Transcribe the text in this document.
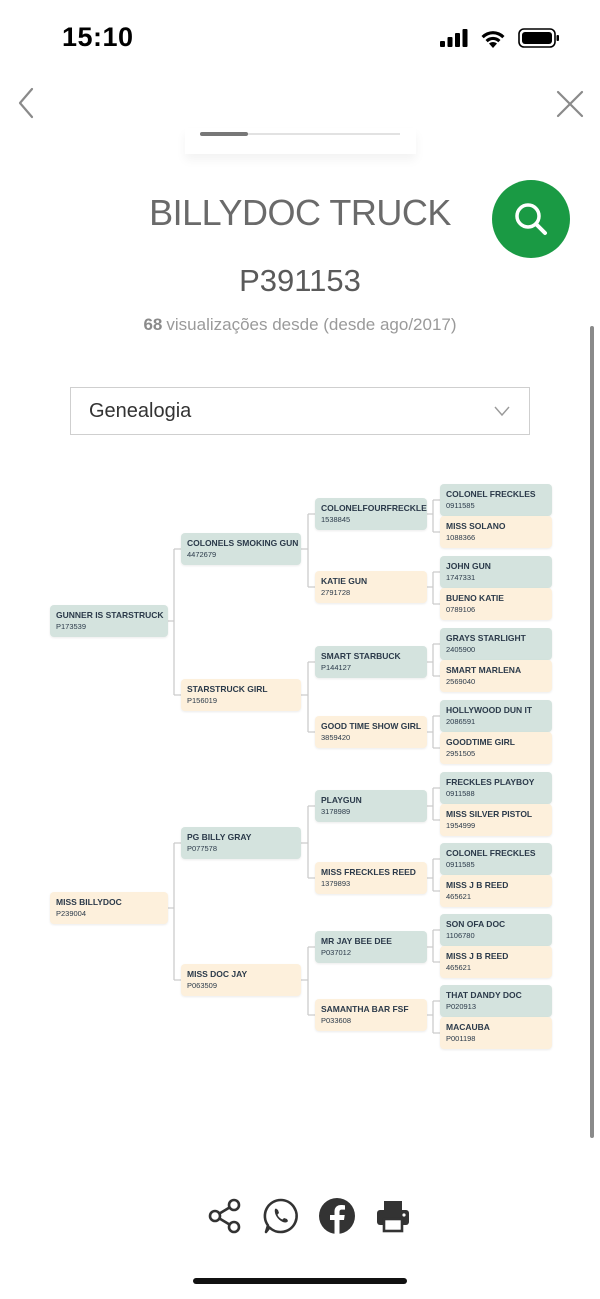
15:10
BILLYDOC TRUCK
P391153
68 visualizações desde (desde ago/2017)
Genealogia
GUNNER IS STARSTRUCK
P173539
MISS BILLYDOC
P239004
COLONELS SMOKING GUN
4472679
STARSTRUCK GIRL
P156019
PG BILLY GRAY
P077578
MISS DOC JAY
P063509
COLONELFOURFRECKLE
1538845
KATIE GUN
2791728
SMART STARBUCK
P144127
GOOD TIME SHOW GIRL
3859420
PLAYGUN
3178989
MISS FRECKLES REED
1379893
MR JAY BEE DEE
P037012
SAMANTHA BAR FSF
P033608
COLONEL FRECKLES
0911585
MISS SOLANO
1088366
JOHN GUN
1747331
BUENO KATIE
0789106
GRAYS STARLIGHT
2405900
SMART MARLENA
2569040
HOLLYWOOD DUN IT
2086591
GOODTIME GIRL
2951505
FRECKLES PLAYBOY
0911588
MISS SILVER PISTOL
1954999
COLONEL FRECKLES
0911585
MISS J B REED
465621
SON OFA DOC
1106780
MISS J B REED
465621
THAT DANDY DOC
P020913
MACAUBA
P001198
